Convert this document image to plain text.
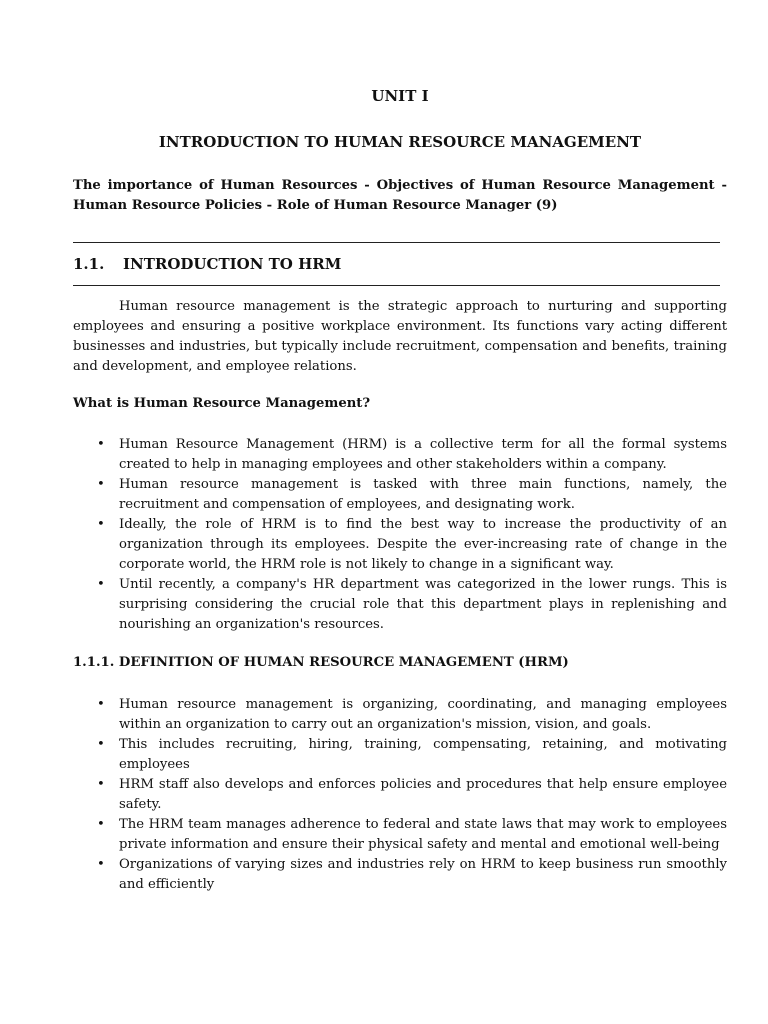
UNIT I
INTRODUCTION TO HUMAN RESOURCE MANAGEMENT
The importance of Human Resources - Objectives of Human Resource Management - Human Resource Policies - Role of Human Resource Manager (9)
1.1. INTRODUCTION TO HRM
Human resource management is the strategic approach to nurturing and supporting employees and ensuring a positive workplace environment. Its functions vary acting different businesses and industries, but typically include recruitment, compensation and benefits, training and development, and employee relations.
What is Human Resource Management?
• Human Resource Management (HRM) is a collective term for all the formal systems created to help in managing employees and other stakeholders within a company.
• Human resource management is tasked with three main functions, namely, the recruitment and compensation of employees, and designating work.
• Ideally, the role of HRM is to find the best way to increase the productivity of an organization through its employees. Despite the ever-increasing rate of change in the corporate world, the HRM role is not likely to change in a significant way.
• Until recently, a company's HR department was categorized in the lower rungs. This is surprising considering the crucial role that this department plays in replenishing and nourishing an organization's resources.
1.1.1. DEFINITION OF HUMAN RESOURCE MANAGEMENT (HRM)
• Human resource management is organizing, coordinating, and managing employees within an organization to carry out an organization's mission, vision, and goals.
• This includes recruiting, hiring, training, compensating, retaining, and motivating employees
• HRM staff also develops and enforces policies and procedures that help ensure employee safety.
• The HRM team manages adherence to federal and state laws that may work to employees private information and ensure their physical safety and mental and emotional well-being
• Organizations of varying sizes and industries rely on HRM to keep business run smoothly and efficiently
